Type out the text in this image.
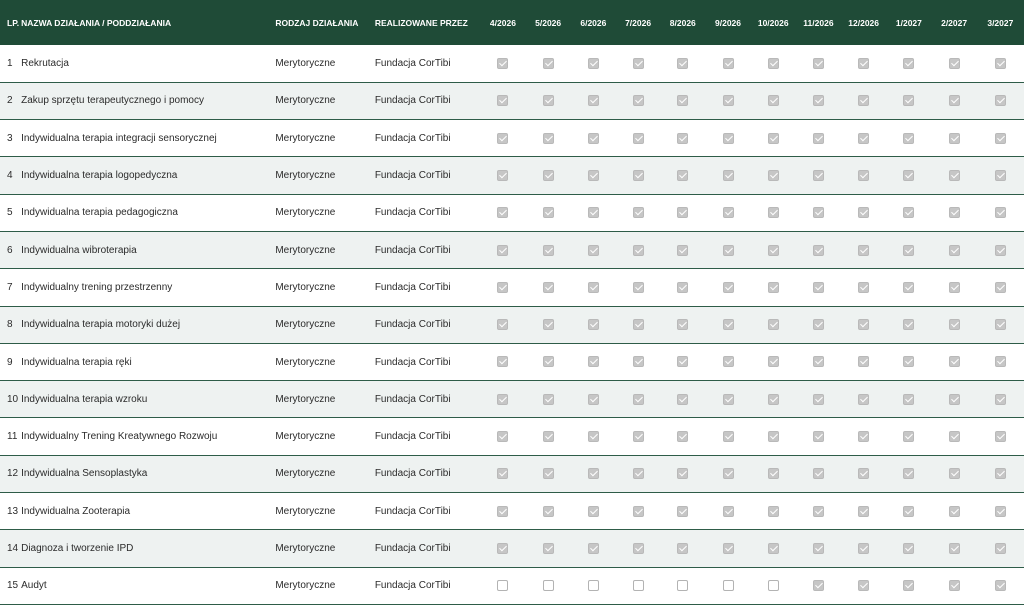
LP.	NAZWA DZIAŁANIA / PODDZIAŁANIA	RODZAJ DZIAŁANIA	REALIZOWANE PRZEZ	4/2026	5/2026	6/2026	7/2026	8/2026	9/2026	10/2026	11/2026	12/2026	1/2027	2/2027	3/2027
1	Rekrutacja	Merytoryczne	Fundacja CorTibi												
2	Zakup sprzętu terapeutycznego i pomocy	Merytoryczne	Fundacja CorTibi												
3	Indywidualna terapia integracji sensorycznej	Merytoryczne	Fundacja CorTibi												
4	Indywidualna terapia logopedyczna	Merytoryczne	Fundacja CorTibi												
5	Indywidualna terapia pedagogiczna	Merytoryczne	Fundacja CorTibi												
6	Indywidualna wibroterapia	Merytoryczne	Fundacja CorTibi												
7	Indywidualny trening przestrzenny	Merytoryczne	Fundacja CorTibi												
8	Indywidualna terapia motoryki dużej	Merytoryczne	Fundacja CorTibi												
9	Indywidualna terapia ręki	Merytoryczne	Fundacja CorTibi												
10	Indywidualna terapia wzroku	Merytoryczne	Fundacja CorTibi												
11	Indywidualny Trening Kreatywnego Rozwoju	Merytoryczne	Fundacja CorTibi												
12	Indywidualna Sensoplastyka	Merytoryczne	Fundacja CorTibi												
13	Indywidualna Zooterapia	Merytoryczne	Fundacja CorTibi												
14	Diagnoza i tworzenie IPD	Merytoryczne	Fundacja CorTibi												
15	Audyt	Merytoryczne	Fundacja CorTibi												
